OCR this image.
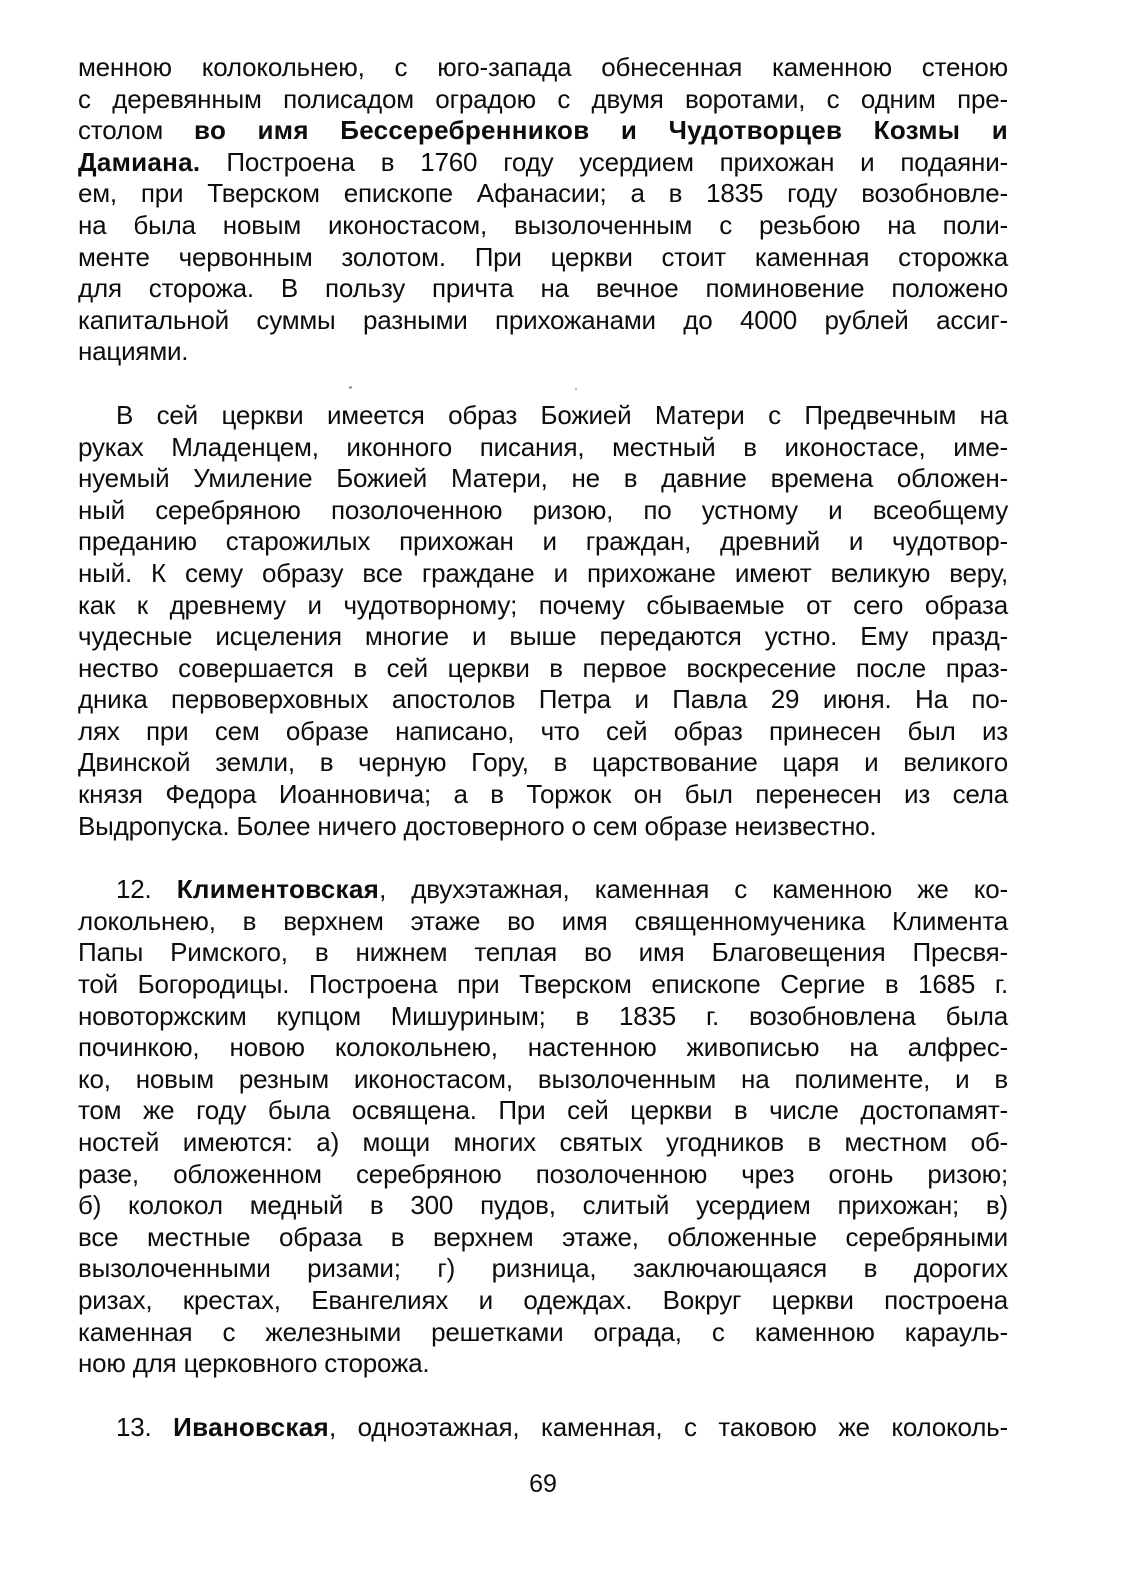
менною колокольнею, с юго-запада обнесенная каменною стеною
с деревянным полисадом оградою с двумя воротами, с одним пре-
столом во имя Бессеребренников и Чудотворцев Козмы и
Дамиана. Построена в 1760 году усердием прихожан и подаяни-
ем, при Тверском епископе Афанасии; а в 1835 году возобновле-
на была новым иконостасом, вызолоченным с резьбою на поли-
менте червонным золотом. При церкви стоит каменная сторожка
для сторожа. В пользу причта на вечное поминовение положено
капитальной суммы разными прихожанами до 4000 рублей ассиг-
нациями.
В сей церкви имеется образ Божией Матери с Предвечным на
руках Младенцем, иконного писания, местный в иконостасе, име-
нуемый Умиление Божией Матери, не в давние времена обложен-
ный серебряною позолоченною ризою, по устному и всеобщему
преданию старожилых прихожан и граждан, древний и чудотвор-
ный. К сему образу все граждане и прихожане имеют великую веру,
как к древнему и чудотворному; почему сбываемые от сего образа
чудесные исцеления многие и выше передаются устно. Ему празд-
нество совершается в сей церкви в первое воскресение после праз-
дника первоверховных апостолов Петра и Павла 29 июня. На по-
лях при сем образе написано, что сей образ принесен был из
Двинской земли, в черную Гору, в царствование царя и великого
князя Федора Иоанновича; а в Торжок он был перенесен из села
Выдропуска. Более ничего достоверного о сем образе неизвестно.
12. Климентовская, двухэтажная, каменная с каменною же ко-
локольнею, в верхнем этаже во имя священномученика Климента
Папы Римского, в нижнем теплая во имя Благовещения Пресвя-
той Богородицы. Построена при Тверском епископе Сергие в 1685 г.
новоторжским купцом Мишуриным; в 1835 г. возобновлена была
починкою, новою колокольнею, настенною живописью на алфрес-
ко, новым резным иконостасом, вызолоченным на полименте, и в
том же году была освящена. При сей церкви в числе достопамят-
ностей имеются: а) мощи многих святых угодников в местном об-
разе, обложенном серебряною позолоченною чрез огонь ризою;
б) колокол медный в 300 пудов, слитый усердием прихожан; в)
все местные образа в верхнем этаже, обложенные серебряными
вызолоченными ризами; г) ризница, заключающаяся в дорогих
ризах, крестах, Евангелиях и одеждах. Вокруг церкви построена
каменная с железными решетками ограда, с каменною карауль-
ною для церковного сторожа.
13. Ивановская, одноэтажная, каменная, с таковою же колоколь-
69
